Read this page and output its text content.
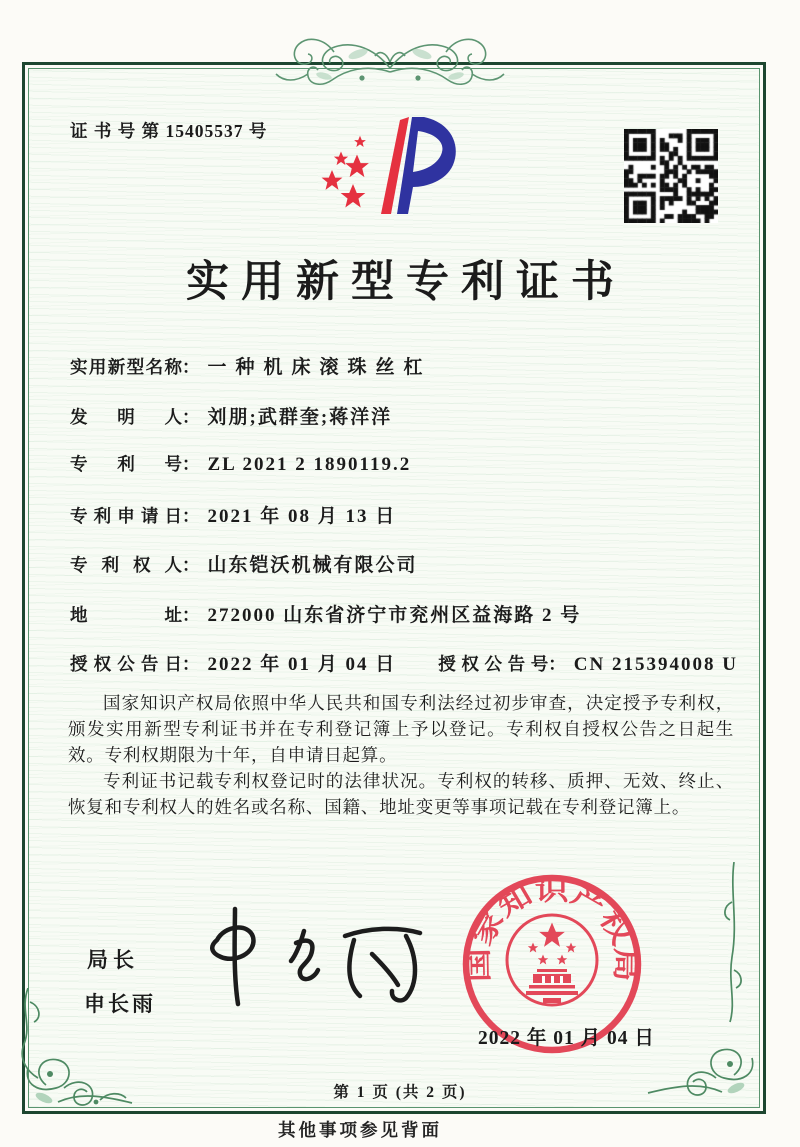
证 书 号 第 15405537 号
实用新型专利证书
实用新型名称： 一种机床滚珠丝杠
发明人： 刘朋;武群奎;蒋洋洋
专利号： ZL 2021 2 1890119.2
专利申请日： 2021 年 08 月 13 日
专利权人： 山东铠沃机械有限公司
地址： 272000 山东省济宁市兖州区益海路 2 号
授权公告日： 2022 年 01 月 04 日 授权公告号： CN 215394008 U

国家知识产权局依照中华人民共和国专利法经过初步审查，决定授予专利权，颁发实用新型专利证书并在专利登记簿上予以登记。专利权自授权公告之日起生效。专利权期限为十年，自申请日起算。

专利证书记载专利权登记时的法律状况。专利权的转移、质押、无效、终止、恢复和专利权人的姓名或名称、国籍、地址变更等事项记载在专利登记簿上。

局长
申长雨
国家知识产权局
2022 年 01 月 04 日
第 1 页 (共 2 页)
其他事项参见背面
